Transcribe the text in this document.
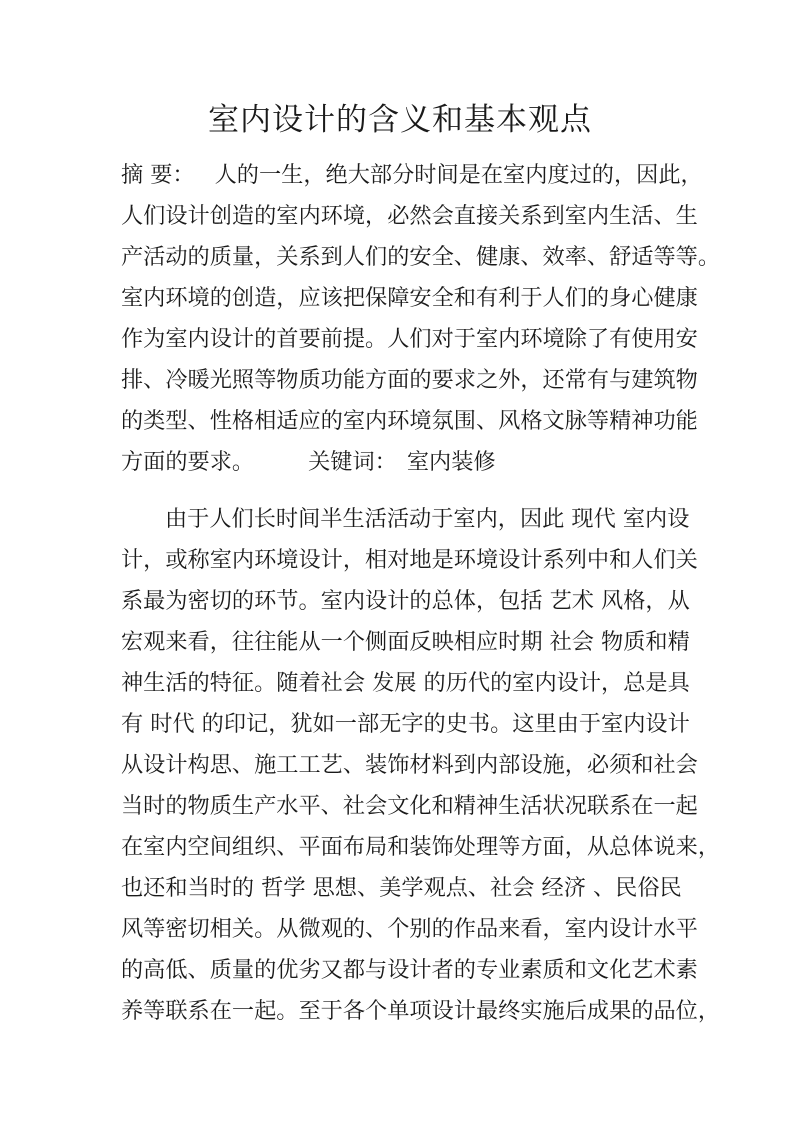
室内设计的含义和基本观点
摘 要： 人的一生，绝大部分时间是在室内度过的，因此，
人们设计创造的室内环境，必然会直接关系到室内生活、生
产活动的质量，关系到人们的安全、健康、效率、舒适等等。
室内环境的创造，应该把保障安全和有利于人们的身心健康
作为室内设计的首要前提。人们对于室内环境除了有使用安
排、冷暖光照等物质功能方面的要求之外，还常有与建筑物
的类型、性格相适应的室内环境氛围、风格文脉等精神功能
方面的要求。 关键词： 室内装修
由于人们长时间半生活活动于室内，因此 现代 室内设
计，或称室内环境设计，相对地是环境设计系列中和人们关
系最为密切的环节。室内设计的总体，包括 艺术 风格，从
宏观来看，往往能从一个侧面反映相应时期 社会 物质和精
神生活的特征。随着社会 发展 的历代的室内设计，总是具
有 时代 的印记，犹如一部无字的史书。这里由于室内设计
从设计构思、施工工艺、装饰材料到内部设施，必须和社会
当时的物质生产水平、社会文化和精神生活状况联系在一起
在室内空间组织、平面布局和装饰处理等方面，从总体说来，
也还和当时的 哲学 思想、美学观点、社会 经济 、民俗民
风等密切相关。从微观的、个别的作品来看，室内设计水平
的高低、质量的优劣又都与设计者的专业素质和文化艺术素
养等联系在一起。至于各个单项设计最终实施后成果的品位，
